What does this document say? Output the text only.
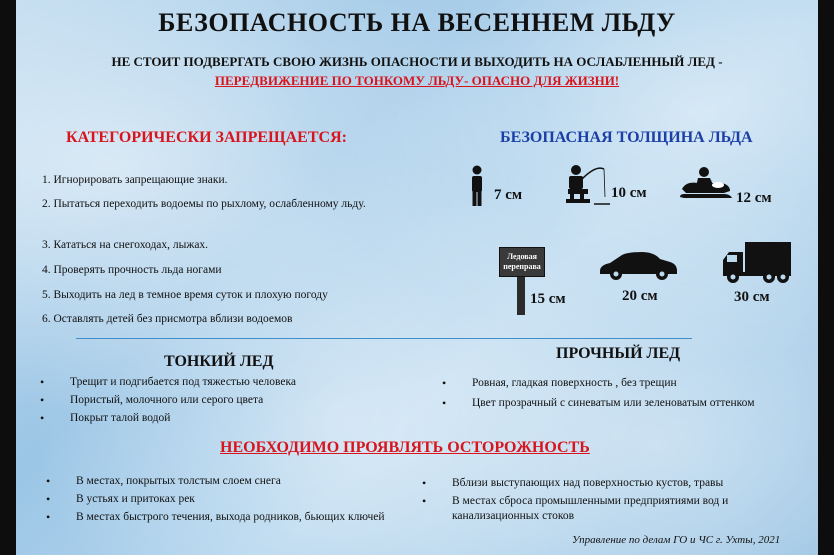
БЕЗОПАСНОСТЬ НА ВЕСЕННЕМ ЛЬДУ
НЕ СТОИТ ПОДВЕРГАТЬ СВОЮ ЖИЗНЬ ОПАСНОСТИ И ВЫХОДИТЬ НА ОСЛАБЛЕННЫЙ ЛЕД -
ПЕРЕДВИЖЕНИЕ ПО ТОНКОМУ ЛЬДУ- ОПАСНО ДЛЯ ЖИЗНИ!
КАТЕГОРИЧЕСКИ ЗАПРЕЩАЕТСЯ:
1. Игнорировать запрещающие знаки.
2. Пытаться переходить водоемы по рыхлому, ослабленному льду.
3. Кататься на снегоходах, лыжах.
4. Проверять прочность льда ногами
5. Выходить на лед в темное время суток и плохую погоду
6. Оставлять детей без присмотра вблизи водоемов
БЕЗОПАСНАЯ ТОЛЩИНА ЛЬДА
7 см	10 см	12 см
Ледовая переправа
15 см	20 см	30 см
ТОНКИЙ ЛЕД
• Трещит и подгибается под тяжестью человека
• Пористый, молочного или серого цвета
• Покрыт талой водой
ПРОЧНЫЙ ЛЕД
• Ровная, гладкая поверхность , без трещин
• Цвет прозрачный с синеватым или зеленоватым оттенком
НЕОБХОДИМО ПРОЯВЛЯТЬ ОСТОРОЖНОСТЬ
• В местах, покрытых толстым слоем снега
• В устьях и притоках рек
• В местах быстрого течения, выхода родников, бьющих ключей
• Вблизи выступающих над поверхностью кустов, травы
• В местах сброса промышленными предприятиями вод и канализационных стоков
Управление по делам ГО и ЧС г. Ухты, 2021
